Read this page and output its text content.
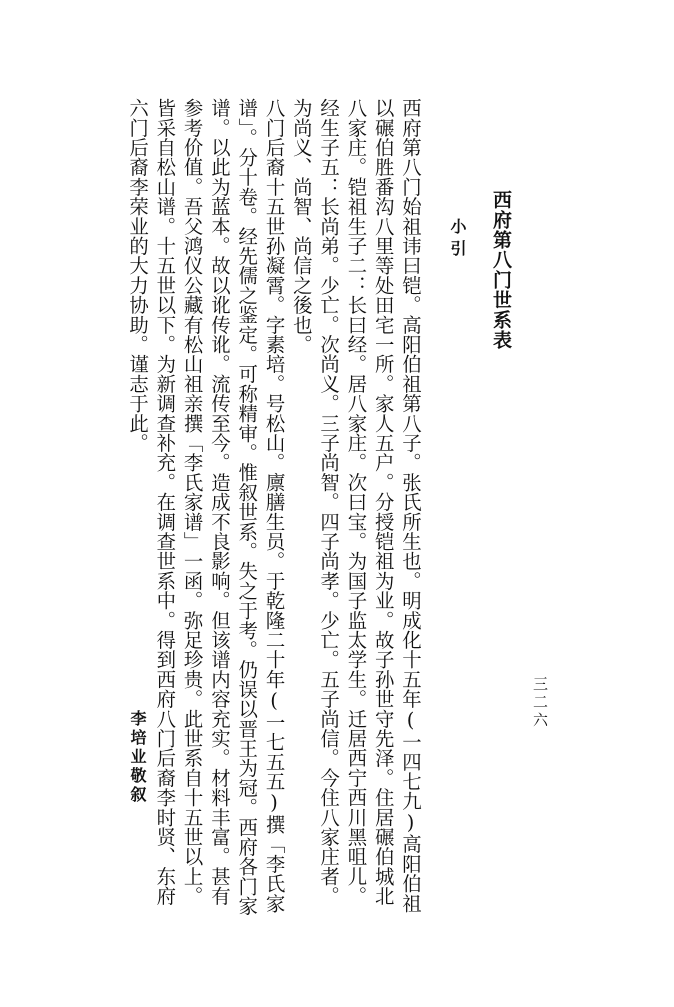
西府第八门世系表
小引
三二六

西府第八门始祖讳曰铠。高阳伯祖第八子。张氏所生也。明成化十五年(一四七九)高阳伯祖以碾伯胜番沟八里等处田宅一所。家人五户。分授铠祖为业。故子孙世守先泽。住居碾伯城北八家庄。铠祖生子二：长曰经。居八家庄。次曰宝。为国子监太学生。迁居西宁西川黑咀儿。经生子五：长尚弟。少亡。次尚义。三子尚智。四子尚孝。少亡。五子尚信。今住八家庄者。为尚义、尚智、尚信之後也。

八门后裔十五世孙凝霄。字素培。号松山。廪膳生员。于乾隆二十年(一七五五)撰「李氏家谱」。分十卷。经先儒之鉴定。可称精审。惟叙世系。失之于考。仍误以晋王为冠。西府各门家谱。以此为蓝本。故以讹传讹。流传至今。造成不良影响。但该谱内容充实。材料丰富。甚有参考价值。吾父鸿仪公藏有松山祖亲撰「李氏家谱」一函。弥足珍贵。此世系自十五世以上。皆采自松山谱。十五世以下。为新调查补充。在调查世系中。得到西府八门后裔李时贤、东府六门后裔李荣业的大力协助。谨志于此。

李培业敬叙
